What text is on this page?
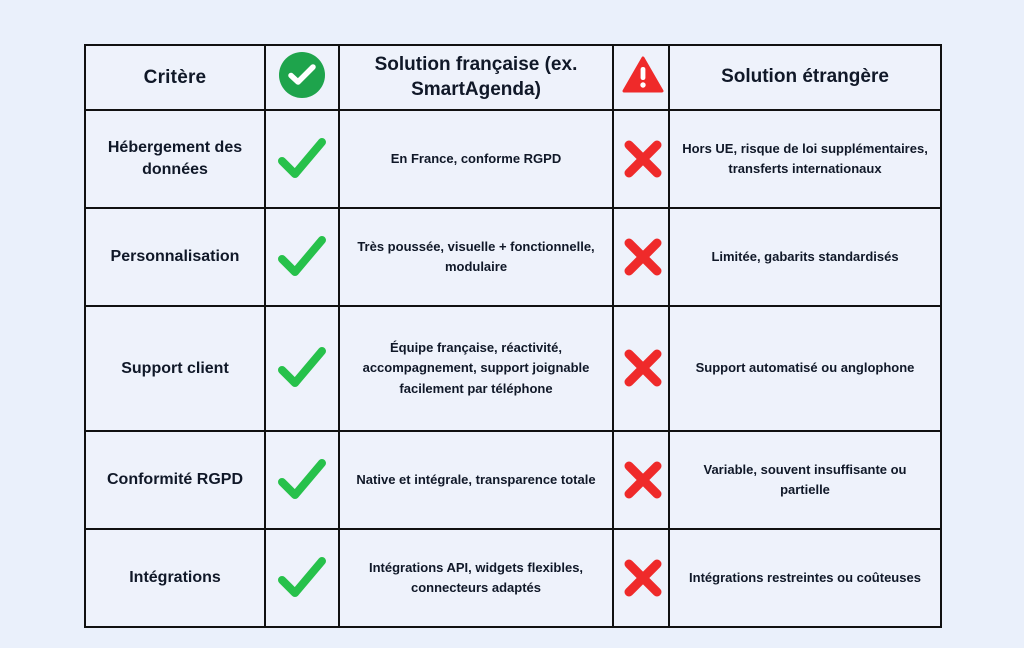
Critère		Solution française (ex. SmartAgenda)		Solution étrangère
Hébergement des données		En France, conforme RGPD		Hors UE, risque de loi supplémentaires, transferts internationaux
Personnalisation		Très poussée, visuelle + fonctionnelle, modulaire		Limitée, gabarits standardisés
Support client		Équipe française, réactivité, accompagnement, support joignable facilement par téléphone		Support automatisé ou anglophone
Conformité RGPD		Native et intégrale, transparence totale		Variable, souvent insuffisante ou partielle
Intégrations		Intégrations API, widgets flexibles, connecteurs adaptés		Intégrations restreintes ou coûteuses
